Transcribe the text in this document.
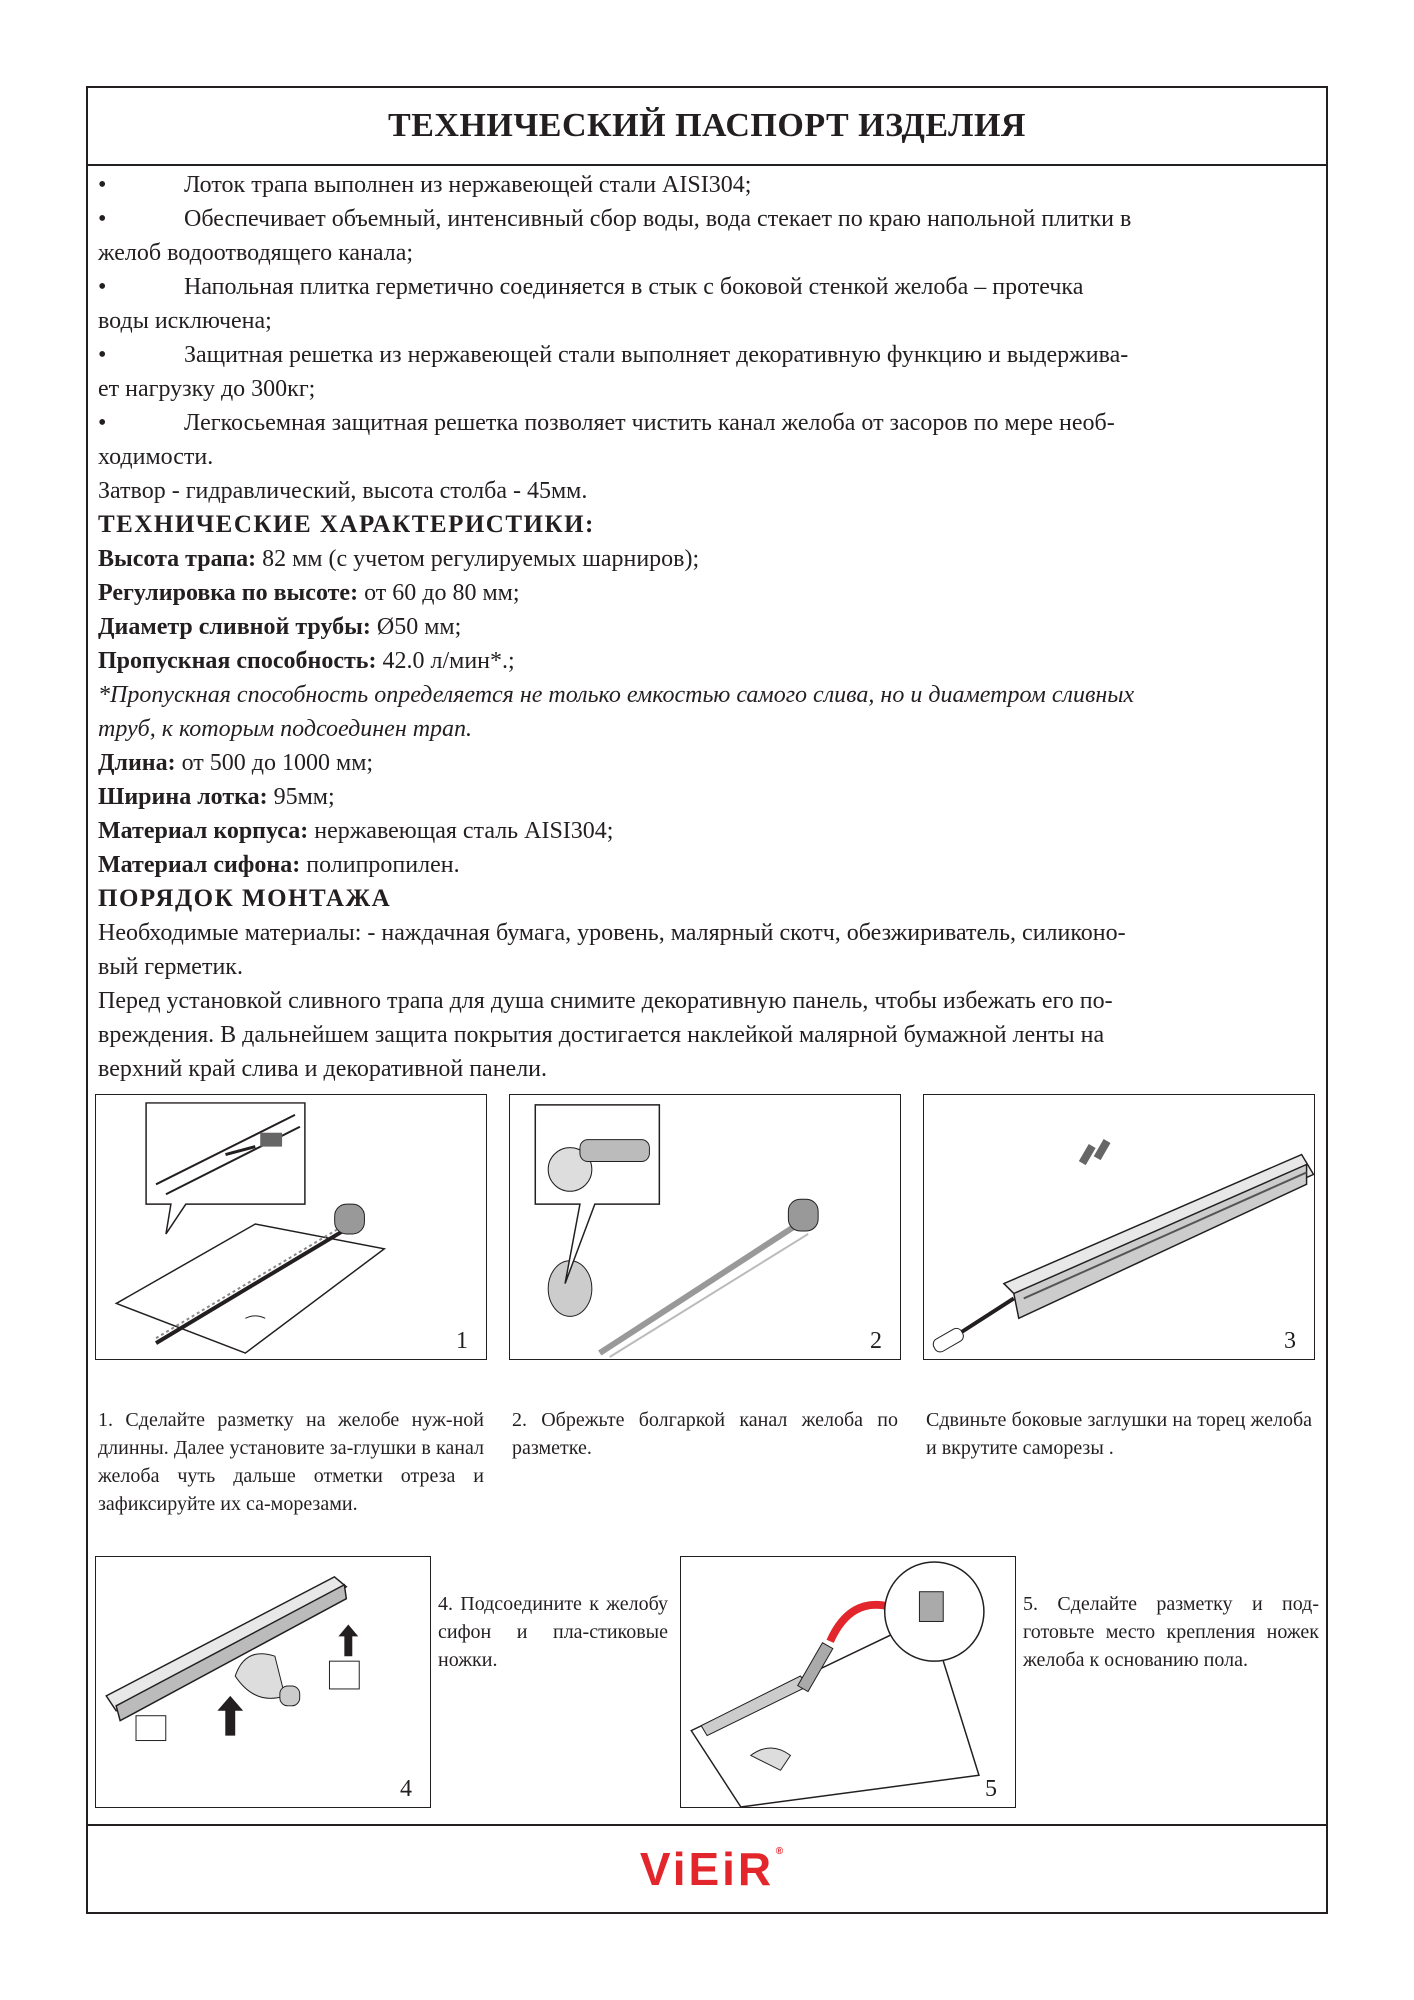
ТЕХНИЧЕСКИЙ ПАСПОРТ ИЗДЕЛИЯ
•	Лоток трапа выполнен из нержавеющей стали AISI304;
•	Обеспечивает объемный, интенсивный сбор воды, вода стекает по краю напольной плитки в
желоб водоотводящего канала;
•	Напольная плитка герметично соединяется в стык с боковой стенкой желоба – протечка
воды исключена;
•	Защитная решетка из нержавеющей стали выполняет декоративную функцию и выдержива-
ет нагрузку до 300кг;
•	Легкосьемная защитная решетка позволяет чистить канал желоба от засоров по мере необ-
ходимости.
Затвор - гидравлический, высота столба - 45мм.
ТЕХНИЧЕСКИЕ ХАРАКТЕРИСТИКИ:
Высота трапа: 82 мм (с учетом регулируемых шарниров);
Регулировка по высоте: от 60 до 80 мм;
Диаметр сливной трубы: Ø50 мм;
Пропускная способность: 42.0 л/мин*.;
*Пропускная способность определяется не только емкостью самого слива, но и диаметром сливных
труб, к которым подсоединен трап.
Длина: от 500 до 1000 мм;
Ширина лотка: 95мм;
Материал корпуса: нержавеющая сталь AISI304;
Материал сифона: полипропилен.
ПОРЯДОК МОНТАЖА
Необходимые материалы: - наждачная бумага, уровень, малярный скотч, обезжириватель, силиконо-
вый герметик.
Перед установкой сливного трапа для душа снимите декоративную панель, чтобы избежать его по-
вреждения. В дальнейшем защита покрытия достигается наклейкой малярной бумажной ленты на
верхний край слива и декоративной панели.
1	2	3
1. Сделайте разметку на желобе нуж-ной длинны. Далее установите за-глушки в канал желоба чуть дальше отметки отреза и зафиксируйте их са-морезами.
2. Обрежьте болгаркой канал желоба по разметке.
Сдвиньте боковые заглушки на торец желоба и вкрутите саморезы .
4
4. Подсоедините к желобу сифон и пла-стиковые ножки.
5
5. Сделайте разметку и под-готовьте место крепления ножек желоба к основанию пола.
ViEiR ®
